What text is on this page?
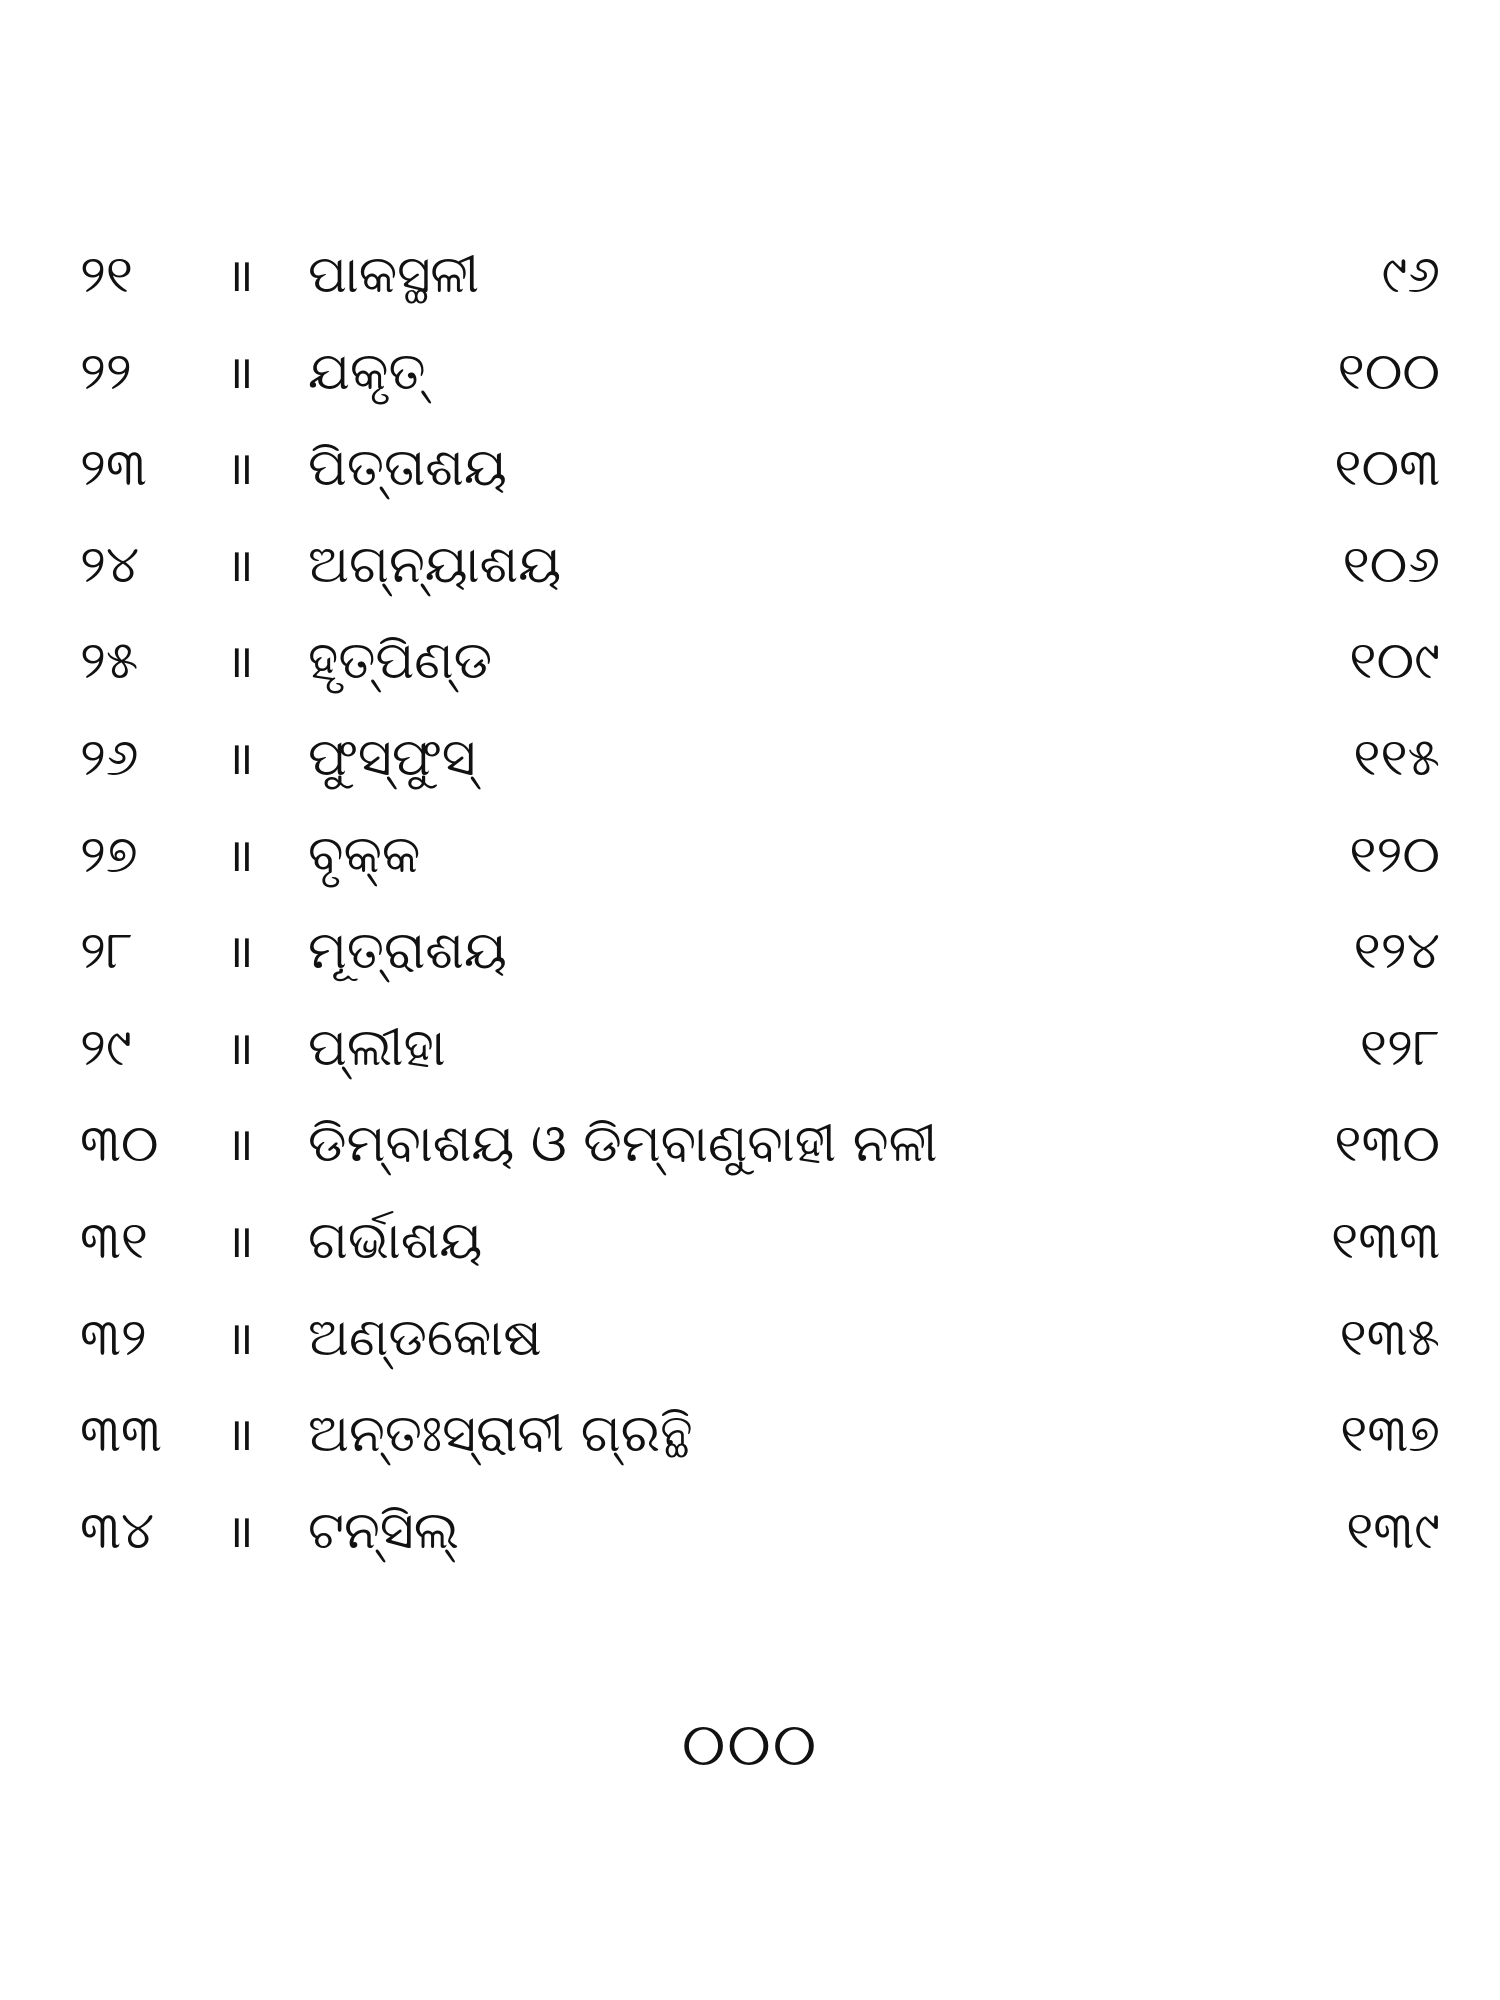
୨୧	॥	ପାକସ୍ଥଳୀ	୯୬
୨୨	॥	ଯକୃତ୍	୧୦୦
୨୩	॥	ପିତ୍ତାଶୟ	୧୦୩
୨୪	॥	ଅଗ୍ନ୍ୟାଶୟ	୧୦୬
୨୫	॥	ହୃତ୍‌ପିଣ୍ଡ	୧୦୯
୨୬	॥	ଫୁସ୍‌ଫୁସ୍	୧୧୫
୨୭	॥	ବୃକ୍‌କ	୧୨୦
୨୮	॥	ମୂତ୍ରାଶୟ	୧୨୪
୨୯	॥	ପ୍ଲୀହା	୧୨୮
୩୦	॥	ଡିମ୍ବାଶୟ ଓ ଡିମ୍ବାଣୁବାହୀ ନଳୀ	୧୩୦
୩୧	॥	ଗର୍ଭାଶୟ	୧୩୩
୩୨	॥	ଅଣ୍ଡକୋଷ	୧୩୫
୩୩	॥	ଅନ୍ତଃସ୍ରାବୀ ଗ୍ରନ୍ଥି	୧୩୭
୩୪	॥	ଟନ୍‌ସିଲ୍	୧୩୯
୦୦୦
